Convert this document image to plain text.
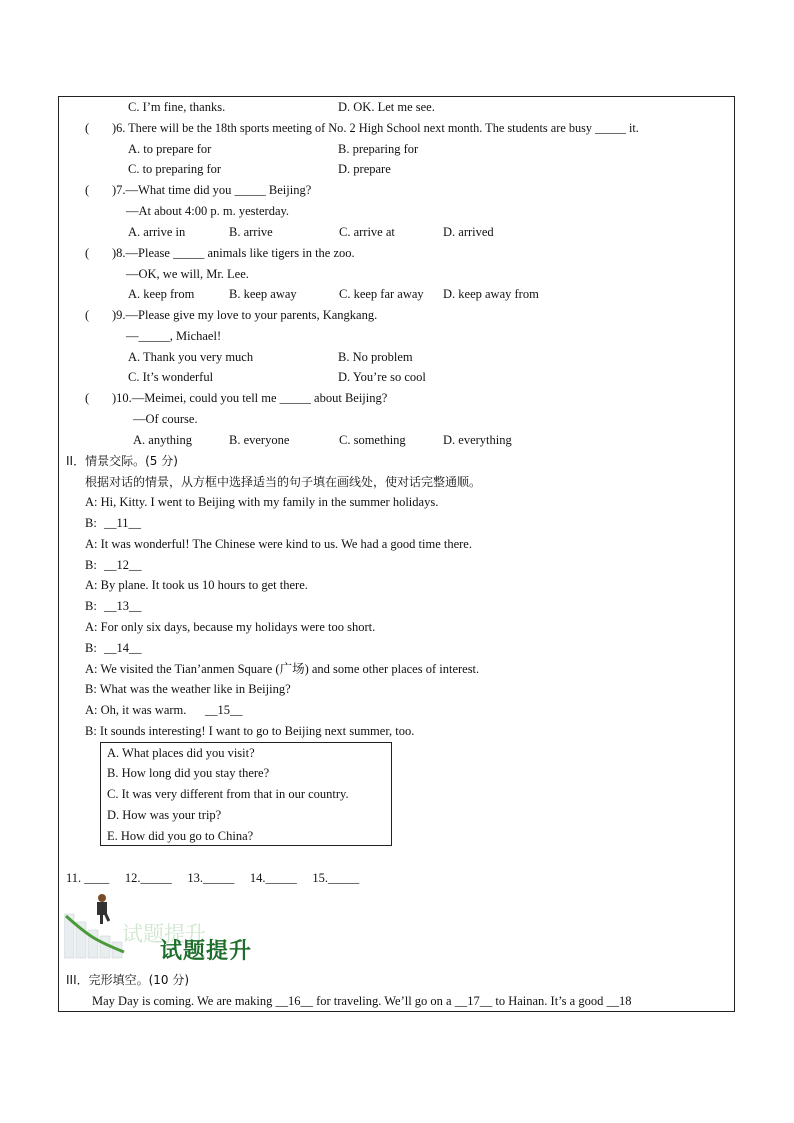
C. I’m fine, thanks.	D. OK. Let me see.
( )6. There will be the 18th sports meeting of No. 2 High School next month. The students are busy _____ it.
A. to prepare for	B. preparing for
C. to preparing for	D. prepare
( )7.—What time did you _____ Beijing?
—At about 4:00 p. m. yesterday.
A. arrive in	B. arrive	C. arrive at	D. arrived
( )8.—Please _____ animals like tigers in the zoo.
—OK, we will, Mr. Lee.
A. keep from	B. keep away	C. keep far away D. keep away from
( )9.—Please give my love to your parents, Kangkang.
—_____, Michael!
A. Thank you very much	B. No problem
C. It’s wonderful	D. You’re so cool
( )10.—Meimei, could you tell me _____ about Beijing?
—Of course.
A. anything	B. everyone	C. something	D. everything
II．情景交际。(5 分)
根据对话的情景，从方框中选择适当的句子填在画线处，使对话完整通顺。
A: Hi, Kitty. I went to Beijing with my family in the summer holidays.
B: __11__
A: It was wonderful! The Chinese were kind to us. We had a good time there.
B: __12__
A: By plane. It took us 10 hours to get there.
B: __13__
A: For only six days, because my holidays were too short.
B: __14__
A: We visited the Tian’anmen Square (广场) and some other places of interest.
B: What was the weather like in Beijing?
A: Oh, it was warm. __15__
B: It sounds interesting! I want to go to Beijing next summer, too.
A. What places did you visit?
B. How long did you stay there?
C. It was very different from that in our country.
D. How was your trip?
E. How did you go to China?
11. ____     12._____     13._____     14._____     15._____
试题提升
试题提升
III．完形填空。(10 分)
May Day is coming. We are making __16__ for traveling. We’ll go on a __17__ to Hainan. It’s a good __18
